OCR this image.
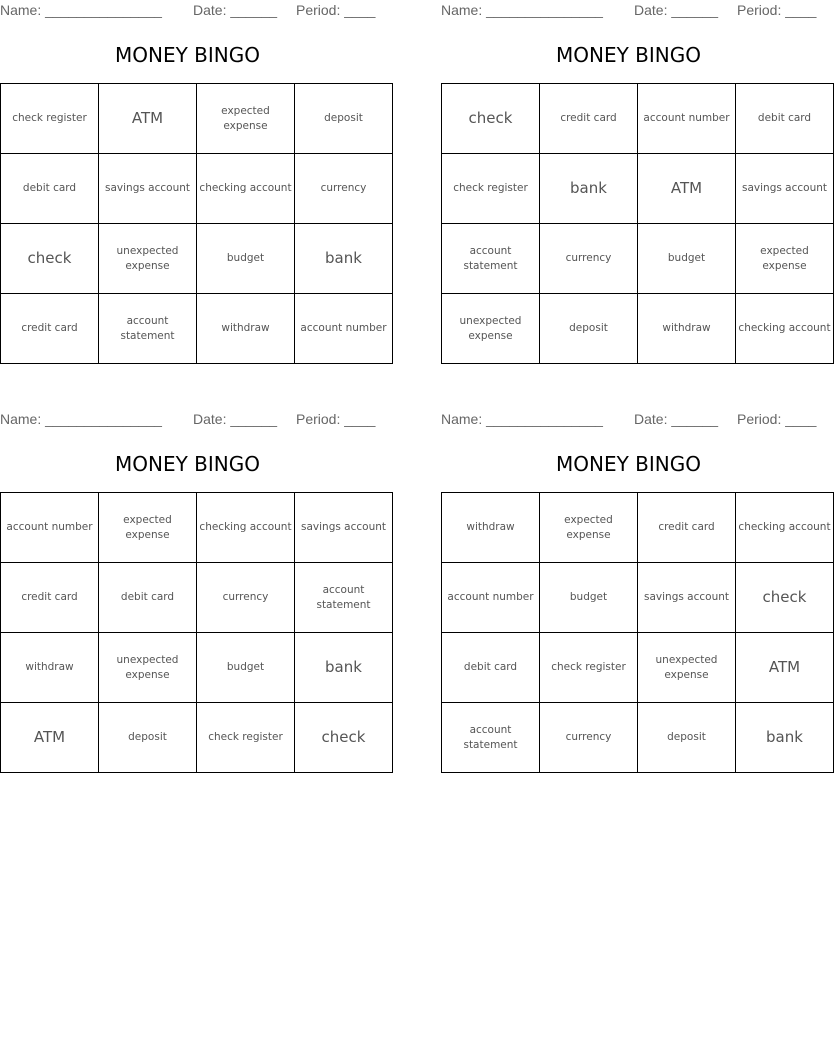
Name: _______________ Date: ______ Period: ____
MONEY BINGO
check register	ATM	expected expense	deposit
debit card	savings account	checking account	currency
check	unexpected expense	budget	bank
credit card	account statement	withdraw	account number
Name: _______________ Date: ______ Period: ____
MONEY BINGO
check	credit card	account number	debit card
check register	bank	ATM	savings account
account statement	currency	budget	expected expense
unexpected expense	deposit	withdraw	checking account
Name: _______________ Date: ______ Period: ____
MONEY BINGO
account number	expected expense	checking account	savings account
credit card	debit card	currency	account statement
withdraw	unexpected expense	budget	bank
ATM	deposit	check register	check
Name: _______________ Date: ______ Period: ____
MONEY BINGO
withdraw	expected expense	credit card	checking account
account number	budget	savings account	check
debit card	check register	unexpected expense	ATM
account statement	currency	deposit	bank
